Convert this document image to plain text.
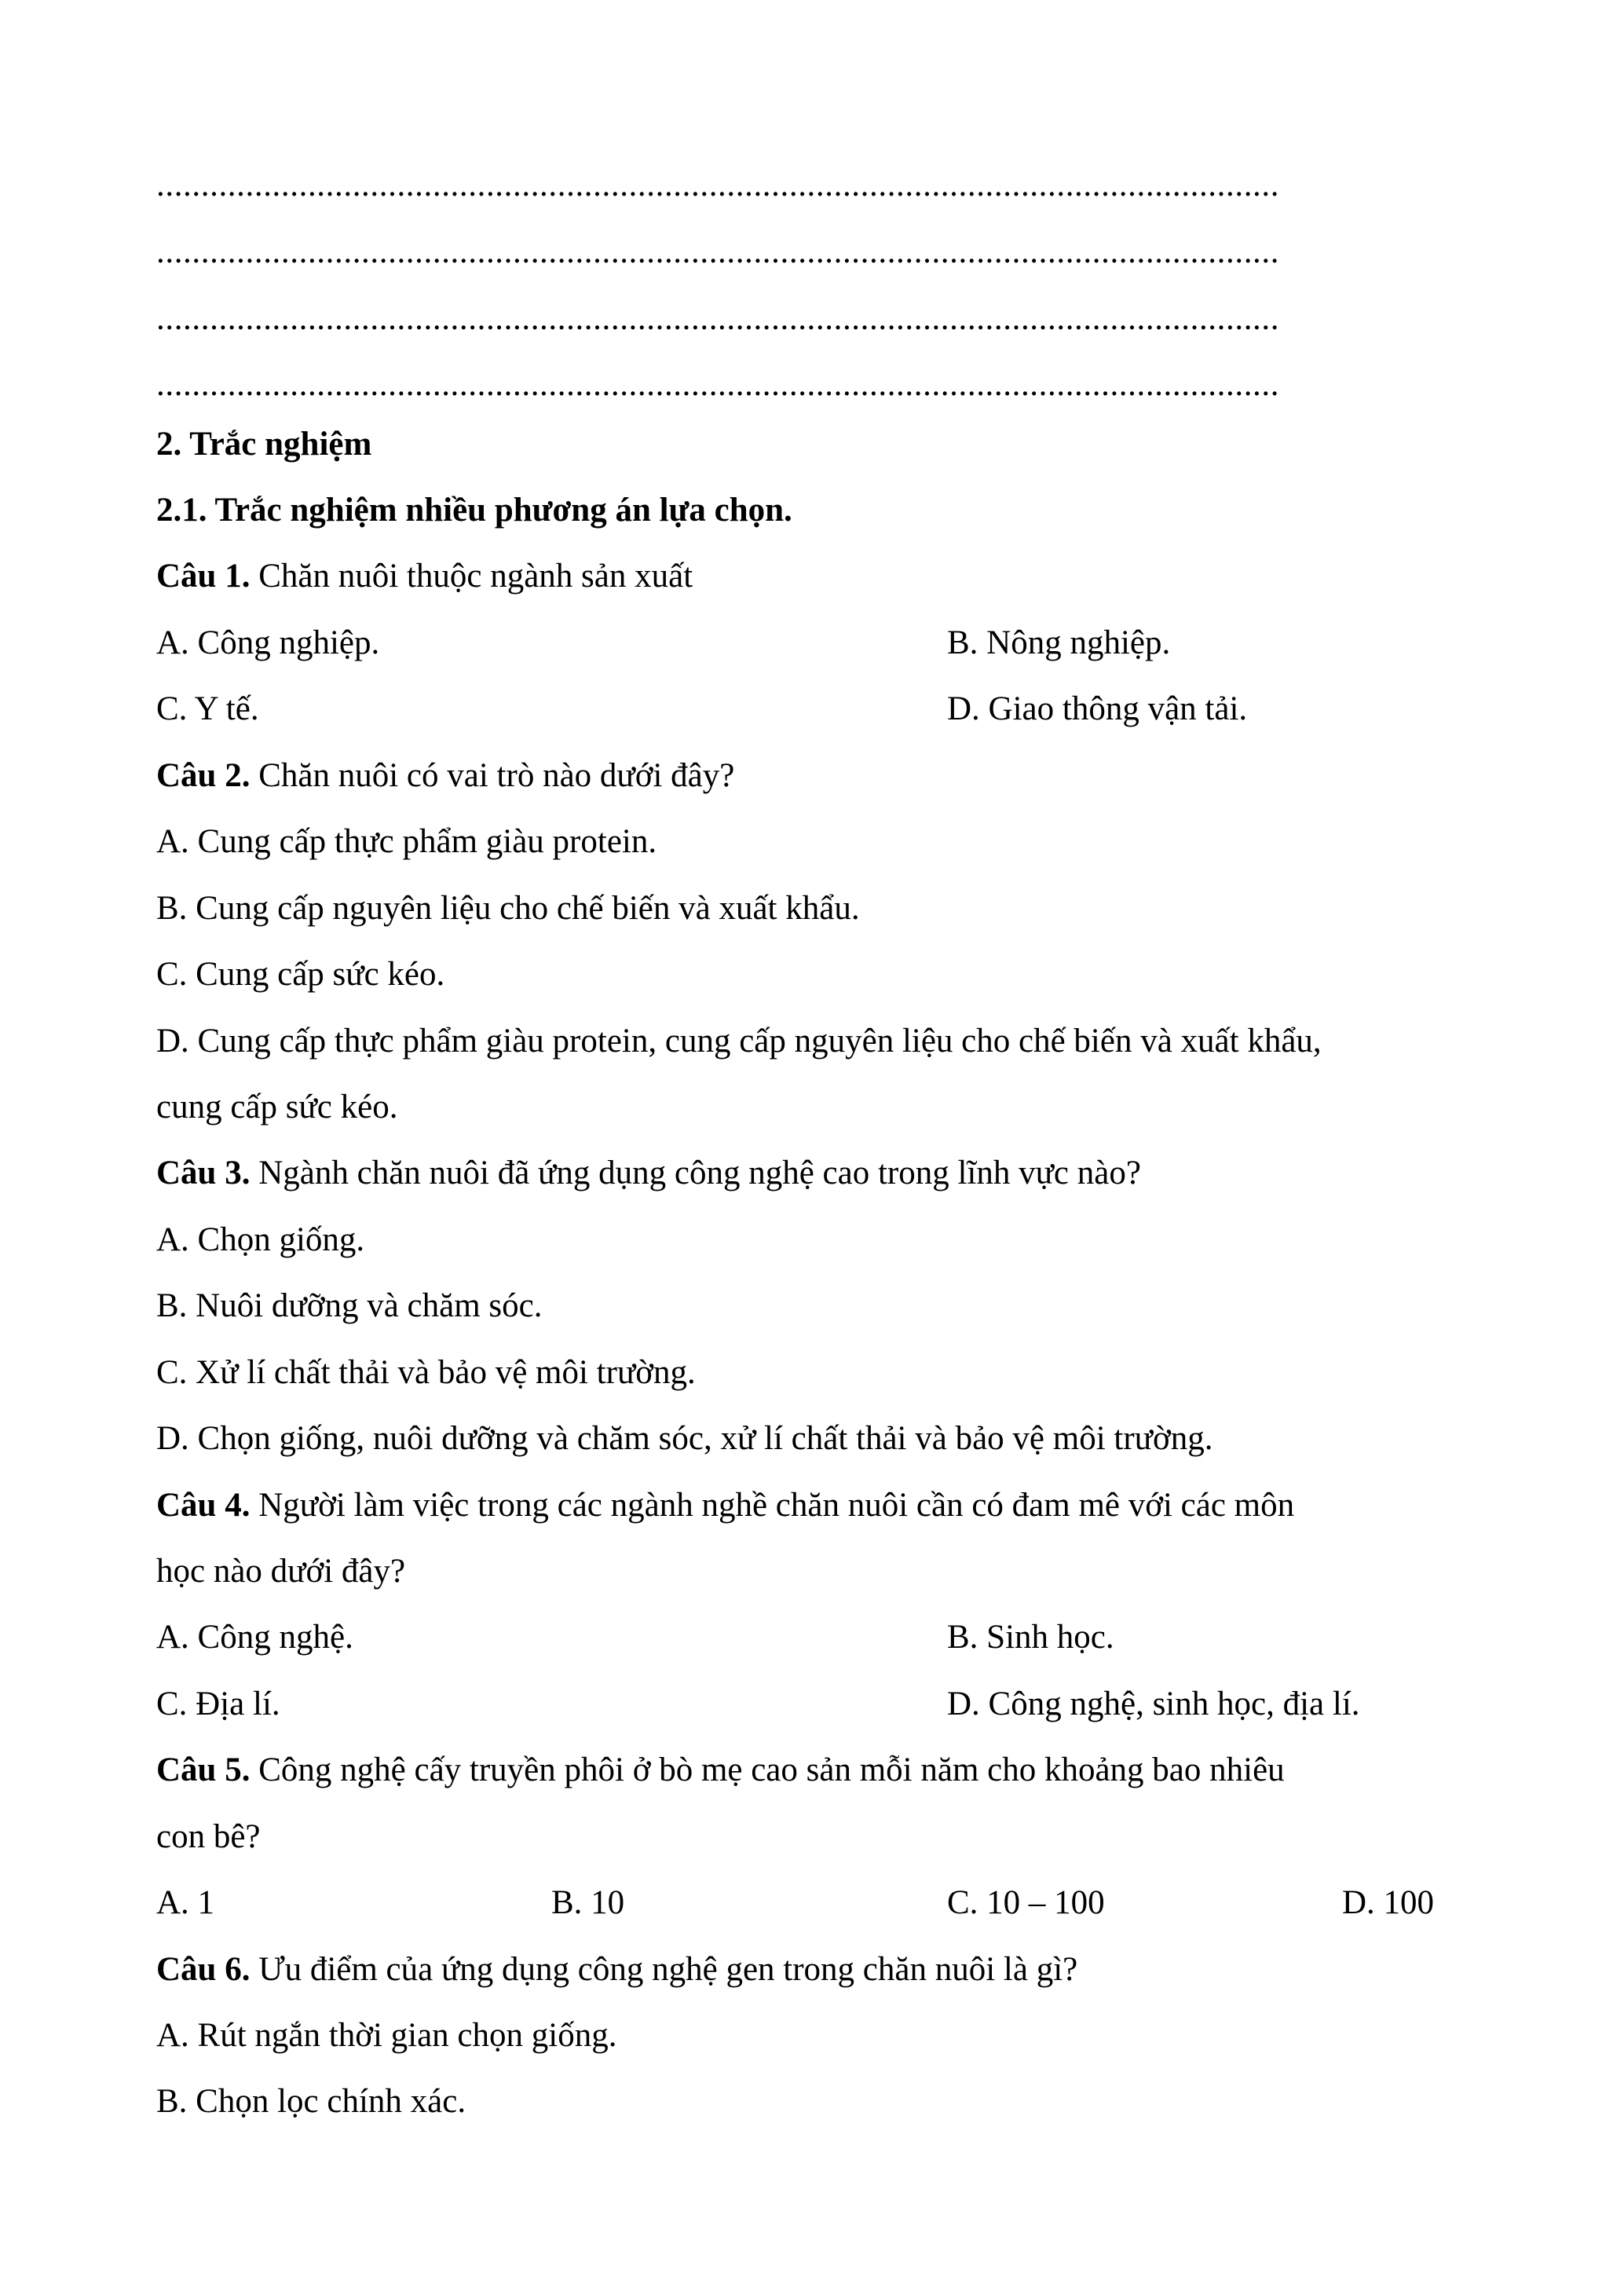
..............................................................................................................................
..............................................................................................................................
..............................................................................................................................
..............................................................................................................................
2. Trắc nghiệm
2.1. Trắc nghiệm nhiều phương án lựa chọn.
Câu 1. Chăn nuôi thuộc ngành sản xuất
A. Công nghiệp.	B. Nông nghiệp.
C. Y tế.	D. Giao thông vận tải.
Câu 2. Chăn nuôi có vai trò nào dưới đây?
A. Cung cấp thực phẩm giàu protein.
B. Cung cấp nguyên liệu cho chế biến và xuất khẩu.
C. Cung cấp sức kéo.
D. Cung cấp thực phẩm giàu protein, cung cấp nguyên liệu cho chế biến và xuất khẩu,
cung cấp sức kéo.
Câu 3. Ngành chăn nuôi đã ứng dụng công nghệ cao trong lĩnh vực nào?
A. Chọn giống.
B. Nuôi dưỡng và chăm sóc.
C. Xử lí chất thải và bảo vệ môi trường.
D. Chọn giống, nuôi dưỡng và chăm sóc, xử lí chất thải và bảo vệ môi trường.
Câu 4. Người làm việc trong các ngành nghề chăn nuôi cần có đam mê với các môn
học nào dưới đây?
A. Công nghệ.	B. Sinh học.
C. Địa lí.	D. Công nghệ, sinh học, địa lí.
Câu 5. Công nghệ cấy truyền phôi ở bò mẹ cao sản mỗi năm cho khoảng bao nhiêu
con bê?
A. 1	B. 10	C. 10 – 100	D. 100
Câu 6. Ưu điểm của ứng dụng công nghệ gen trong chăn nuôi là gì?
A. Rút ngắn thời gian chọn giống.
B. Chọn lọc chính xác.
